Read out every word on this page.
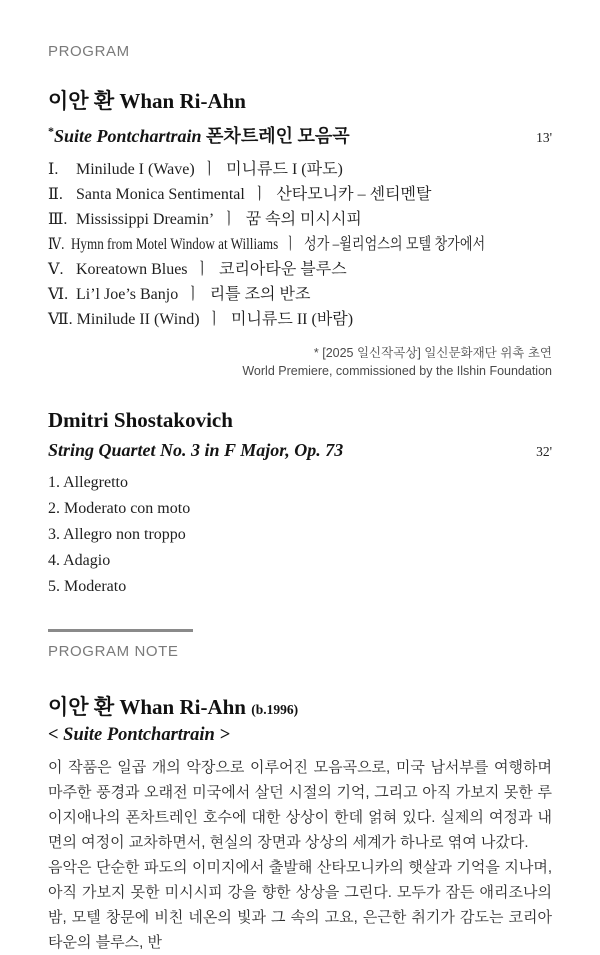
PROGRAM
이안 환 Whan Ri-Ahn
*Suite Pontchartrain 폰차트레인 모음곡	13'
Ⅰ. Minilude I (Wave) ㅣ 미니류드 I (파도)
Ⅱ. Santa Monica Sentimental ㅣ 산타모니카 – 센티멘탈
Ⅲ. Mississippi Dreamin’ ㅣ 꿈 속의 미시시피
Ⅳ. Hymn from Motel Window at Williams ㅣ 성가 –윌리엄스의 모텔 창가에서
Ⅴ. Koreatown Blues ㅣ 코리아타운 블루스
Ⅵ. Li’l Joe’s Banjo ㅣ 리틀 조의 반조
Ⅶ. Minilude II (Wind) ㅣ 미니류드 II (바람)
* [2025 일신작곡상] 일신문화재단 위촉 초연
World Premiere, commissioned by the Ilshin Foundation
Dmitri Shostakovich
String Quartet No. 3 in F Major, Op. 73	32'
1. Allegretto
2. Moderato con moto
3. Allegro non troppo
4. Adagio
5. Moderato
PROGRAM NOTE
이안 환 Whan Ri-Ahn (b.1996)
< Suite Pontchartrain >

이 작품은 일곱 개의 악장으로 이루어진 모음곡으로, 미국 남서부를 여행하며 마주한 풍경과 오래전 미국에서 살던 시절의 기억, 그리고 아직 가보지 못한 루이지애나의 폰차트레인 호수에 대한 상상이 한데 얽혀 있다. 실제의 여정과 내면의 여정이 교차하면서, 현실의 장면과 상상의 세계가 하나로 엮여 나갔다.

음악은 단순한 파도의 이미지에서 출발해 산타모니카의 햇살과 기억을 지나며, 아직 가보지 못한 미시시피 강을 향한 상상을 그린다. 모두가 잠든 애리조나의 밤, 모텔 창문에 비친 네온의 빛과 그 속의 고요, 은근한 취기가 감도는 코리아타운의 블루스, 반
